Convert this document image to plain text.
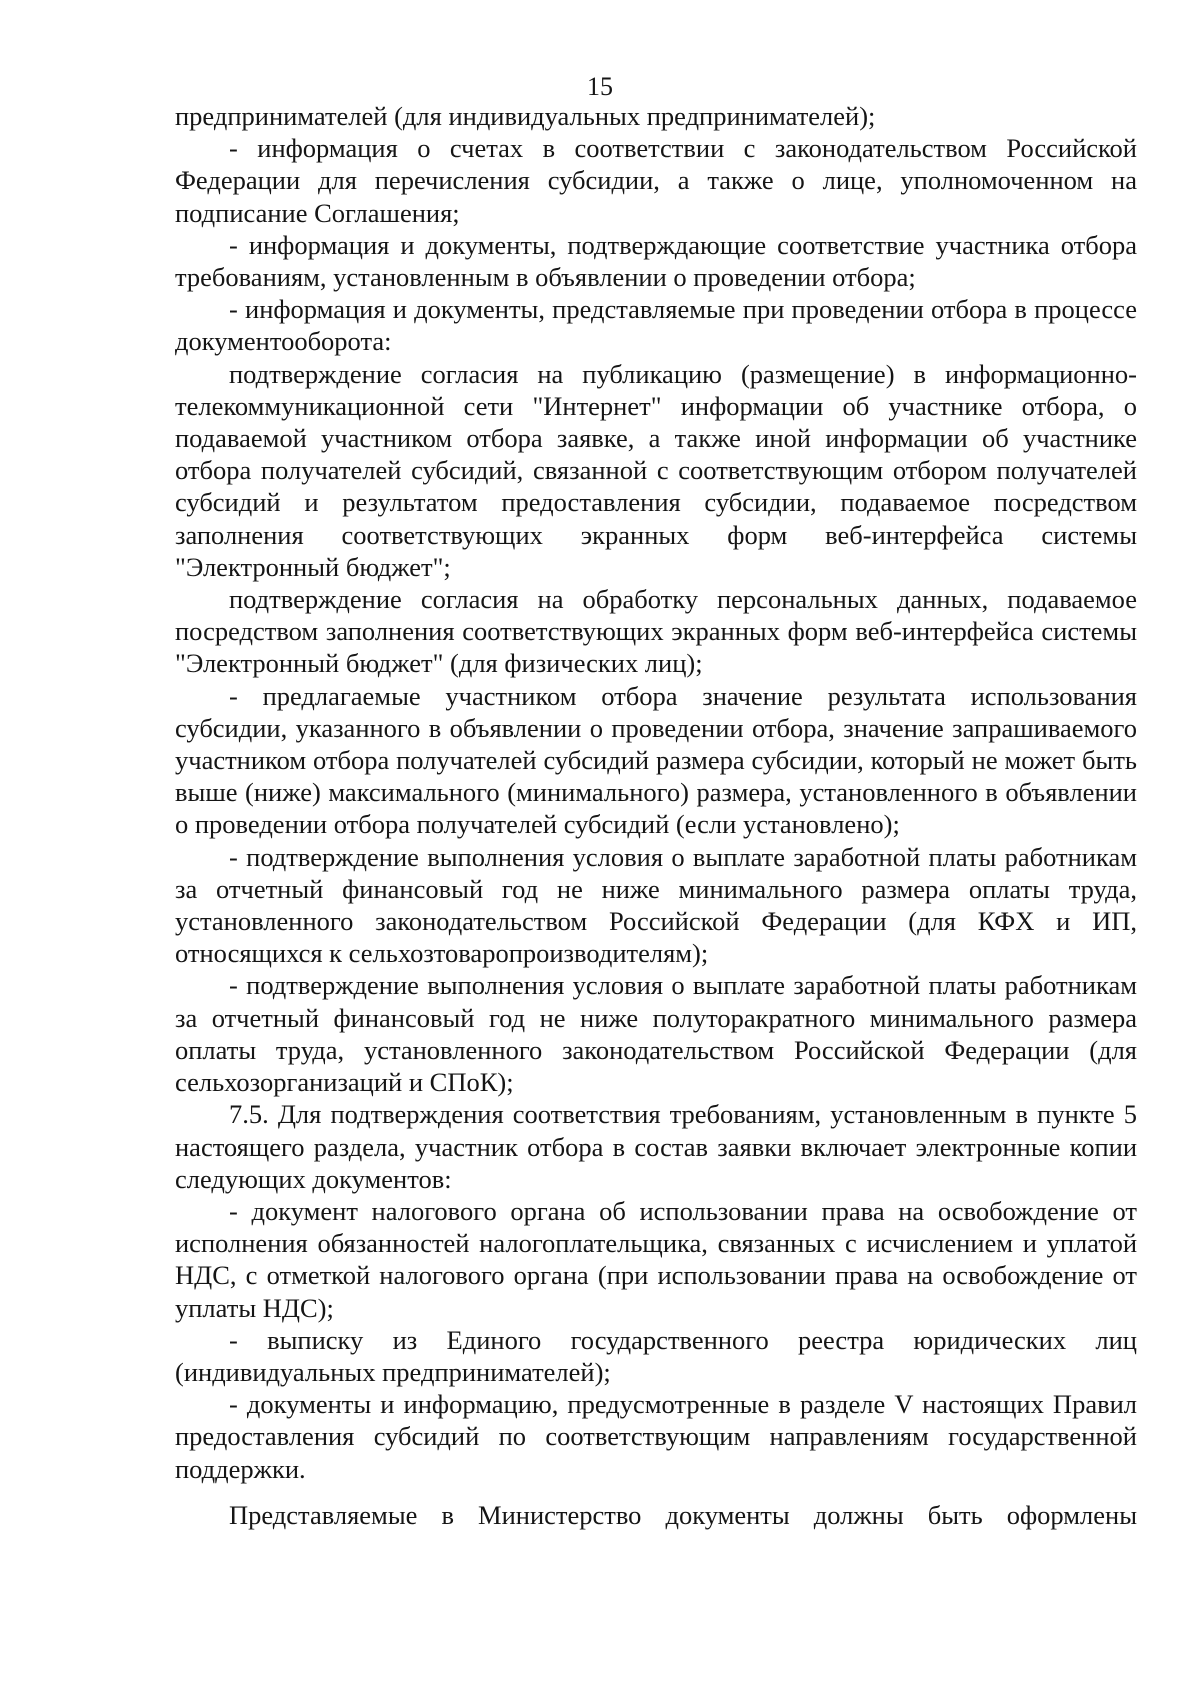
15

предпринимателей (для индивидуальных предпринимателей);

- информация о счетах в соответствии с законодательством Российской Федерации для перечисления субсидии, а также о лице, уполномоченном на подписание Соглашения;

- информация и документы, подтверждающие соответствие участника отбора требованиям, установленным в объявлении о проведении отбора;

- информация и документы, представляемые при проведении отбора в процессе документооборота:

подтверждение согласия на публикацию (размещение) в информационно-телекоммуникационной сети "Интернет" информации об участнике отбора, о подаваемой участником отбора заявке, а также иной информации об участнике отбора получателей субсидий, связанной с соответствующим отбором получателей субсидий и результатом предоставления субсидии, подаваемое посредством заполнения соответствующих экранных форм веб-интерфейса системы "Электронный бюджет";

подтверждение согласия на обработку персональных данных, подаваемое посредством заполнения соответствующих экранных форм веб-интерфейса системы "Электронный бюджет" (для физических лиц);

- предлагаемые участником отбора значение результата использования субсидии, указанного в объявлении о проведении отбора, значение запрашиваемого участником отбора получателей субсидий размера субсидии, который не может быть выше (ниже) максимального (минимального) размера, установленного в объявлении о проведении отбора получателей субсидий (если установлено);

- подтверждение выполнения условия о выплате заработной платы работникам за отчетный финансовый год не ниже минимального размера оплаты труда, установленного законодательством Российской Федерации (для КФХ и ИП, относящихся к сельхозтоваропроизводителям);

- подтверждение выполнения условия о выплате заработной платы работникам за отчетный финансовый год не ниже полуторакратного минимального размера оплаты труда, установленного законодательством Российской Федерации (для сельхозорганизаций и СПоК);

7.5. Для подтверждения соответствия требованиям, установленным в пункте 5 настоящего раздела, участник отбора в состав заявки включает электронные копии следующих документов:

- документ налогового органа об использовании права на освобождение от исполнения обязанностей налогоплательщика, связанных с исчислением и уплатой НДС, с отметкой налогового органа (при использовании права на освобождение от уплаты НДС);

- выписку из Единого государственного реестра юридических лиц (индивидуальных предпринимателей);

- документы и информацию, предусмотренные в разделе V настоящих Правил предоставления субсидий по соответствующим направлениям государственной поддержки.

Представляемые в Министерство документы должны быть оформлены
